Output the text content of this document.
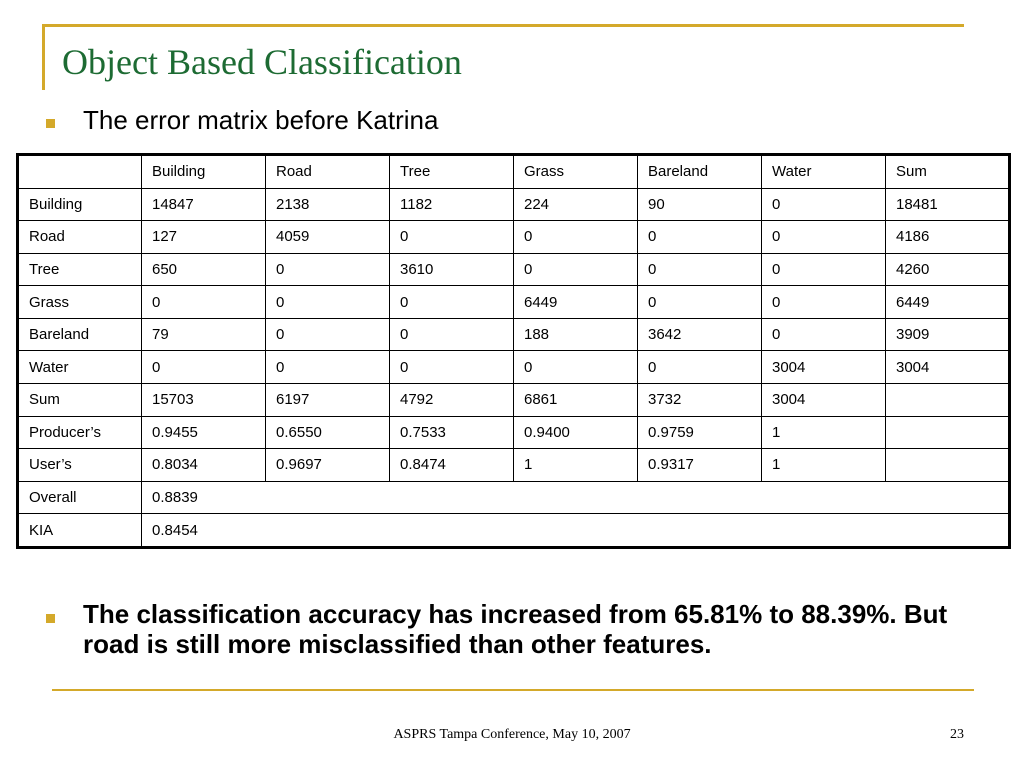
Object Based Classification
The error matrix before Katrina
	Building	Road	Tree	Grass	Bareland	Water	Sum
Building	14847	2138	1182	224	90	0	18481
Road	127	4059	0	0	0	0	4186
Tree	650	0	3610	0	0	0	4260
Grass	0	0	0	6449	0	0	6449
Bareland	79	0	0	188	3642	0	3909
Water	0	0	0	0	0	3004	3004
Sum	15703	6197	4792	6861	3732	3004	
Producer’s	0.9455	0.6550	0.7533	0.9400	0.9759	1	
User’s	0.8034	0.9697	0.8474	1	0.9317	1	
Overall	0.8839						
KIA	0.8454						
The classification accuracy has increased from 65.81% to 88.39%. But road is still more misclassified than other features.
ASPRS Tampa Conference, May 10, 2007	23
